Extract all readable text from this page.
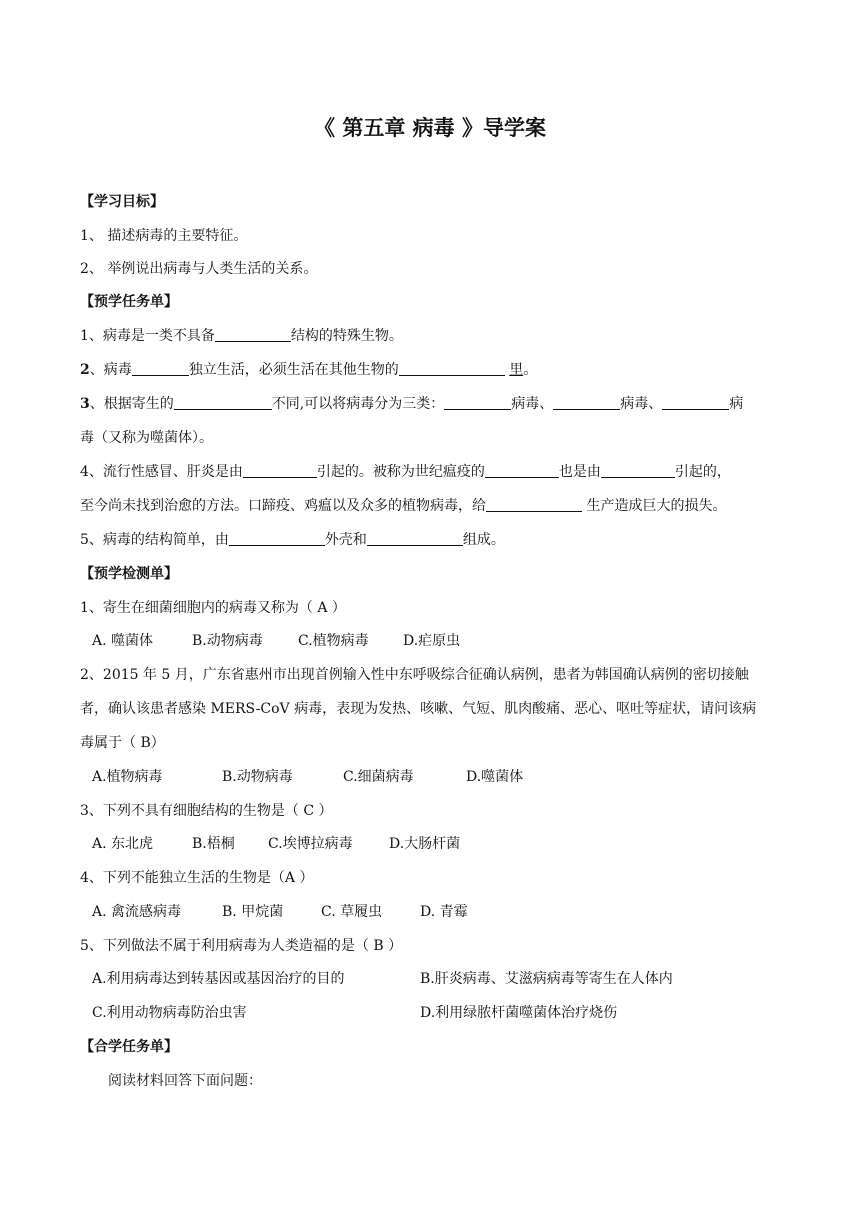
《 第五章 病毒 》导学案
【学习目标】
1、 描述病毒的主要特征。
2、 举例说出病毒与人类生活的关系。
【预学任务单】
1、病毒是一类不具备	结构的特殊生物。
2、病毒	独立生活，必须生活在其他生物的	里。
3、根据寄生的	不同,可以将病毒分为三类：	病毒、	病毒、	病
毒（又称为噬菌体）。
4、流行性感冒、肝炎是由	引起的。被称为世纪瘟疫的	也是由	引起的，
至今尚未找到治愈的方法。口蹄疫、鸡瘟以及众多的植物病毒，给	生产造成巨大的损失。
5、病毒的结构简单，由	外壳和	组成。
【预学检测单】
1、寄生在细菌细胞内的病毒又称为（ A ）
A. 噬菌体	B.动物病毒	C.植物病毒 D.疟原虫
2、2015 年 5 月，广东省惠州市出现首例输入性中东呼吸综合征确认病例，患者为韩国确认病例的密切接触
者，确认该患者感染 MERS-CoV 病毒，表现为发热、咳嗽、气短、肌肉酸痛、恶心、呕吐等症状，请问该病
毒属于（ B）
A.植物病毒	B.动物病毒	C.细菌病毒	D.噬菌体
3、下列不具有细胞结构的生物是（ C ）
A. 东北虎	B.梧桐 C.埃博拉病毒	D.大肠杆菌
4、下列不能独立生活的生物是（A ）
A. 禽流感病毒	B. 甲烷菌	C. 草履虫	D. 青霉
5、下列做法不属于利用病毒为人类造福的是（ B ）
A.利用病毒达到转基因或基因治疗的目的	B.肝炎病毒、艾滋病病毒等寄生在人体内
C.利用动物病毒防治虫害	D.利用绿脓杆菌噬菌体治疗烧伤
【合学任务单】
阅读材料回答下面问题：
